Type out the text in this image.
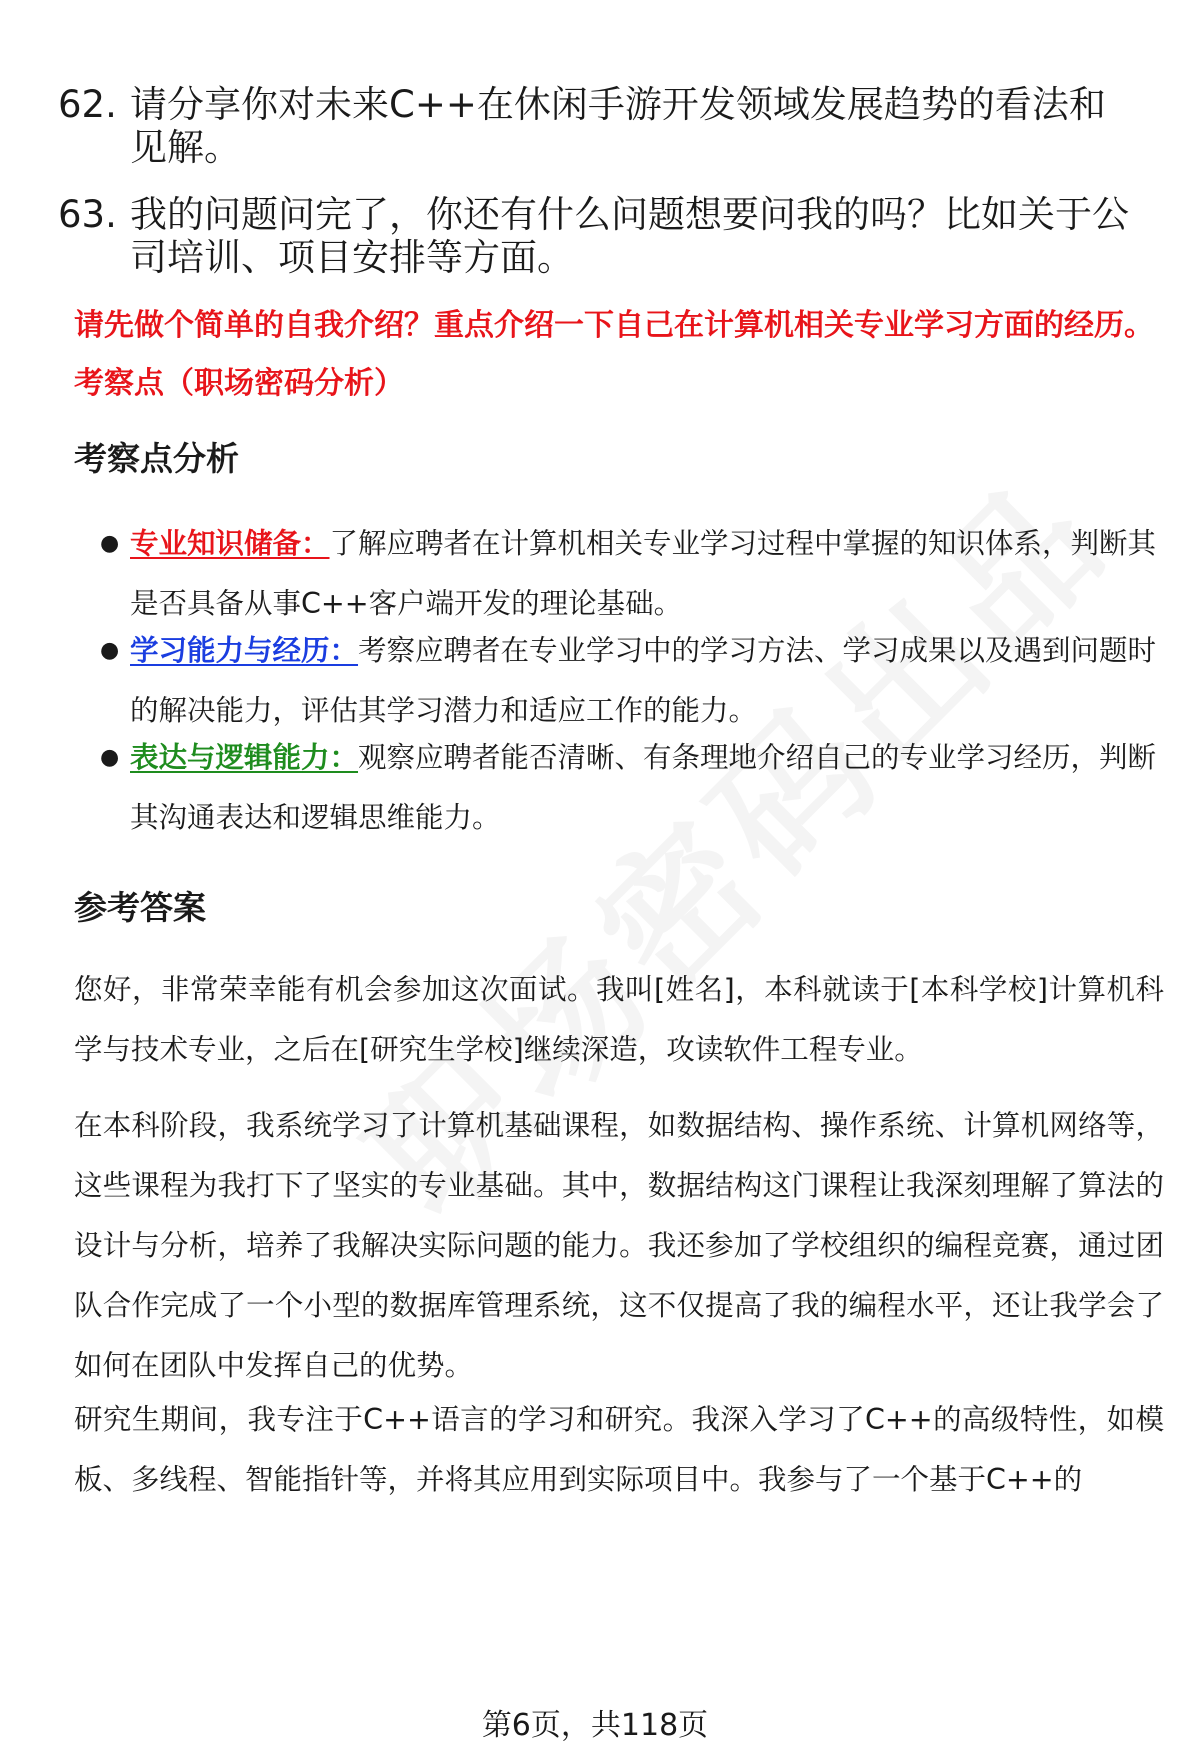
62. 请分享你对未来C++在休闲手游开发领域发展趋势的看法和见解。
63. 我的问题问完了，你还有什么问题想要问我的吗？比如关于公司培训、项目安排等方面。
请先做个简单的自我介绍？重点介绍一下自己在计算机相关专业学习方面的经历。
考察点（职场密码分析）
考察点分析
● 专业知识储备：了解应聘者在计算机相关专业学习过程中掌握的知识体系，判断其是否具备从事C++客户端开发的理论基础。
● 学习能力与经历：考察应聘者在专业学习中的学习方法、学习成果以及遇到问题时的解决能力，评估其学习潜力和适应工作的能力。
● 表达与逻辑能力：观察应聘者能否清晰、有条理地介绍自己的专业学习经历，判断其沟通表达和逻辑思维能力。
参考答案
您好，非常荣幸能有机会参加这次面试。我叫[姓名]，本科就读于[本科学校]计算机科学与技术专业，之后在[研究生学校]继续深造，攻读软件工程专业。
在本科阶段，我系统学习了计算机基础课程，如数据结构、操作系统、计算机网络等，这些课程为我打下了坚实的专业基础。其中，数据结构这门课程让我深刻理解了算法的设计与分析，培养了我解决实际问题的能力。我还参加了学校组织的编程竞赛，通过团队合作完成了一个小型的数据库管理系统，这不仅提高了我的编程水平，还让我学会了如何在团队中发挥自己的优势。
研究生期间，我专注于C++语言的学习和研究。我深入学习了C++的高级特性，如模板、多线程、智能指针等，并将其应用到实际项目中。我参与了一个基于C++的
第6页，共118页
